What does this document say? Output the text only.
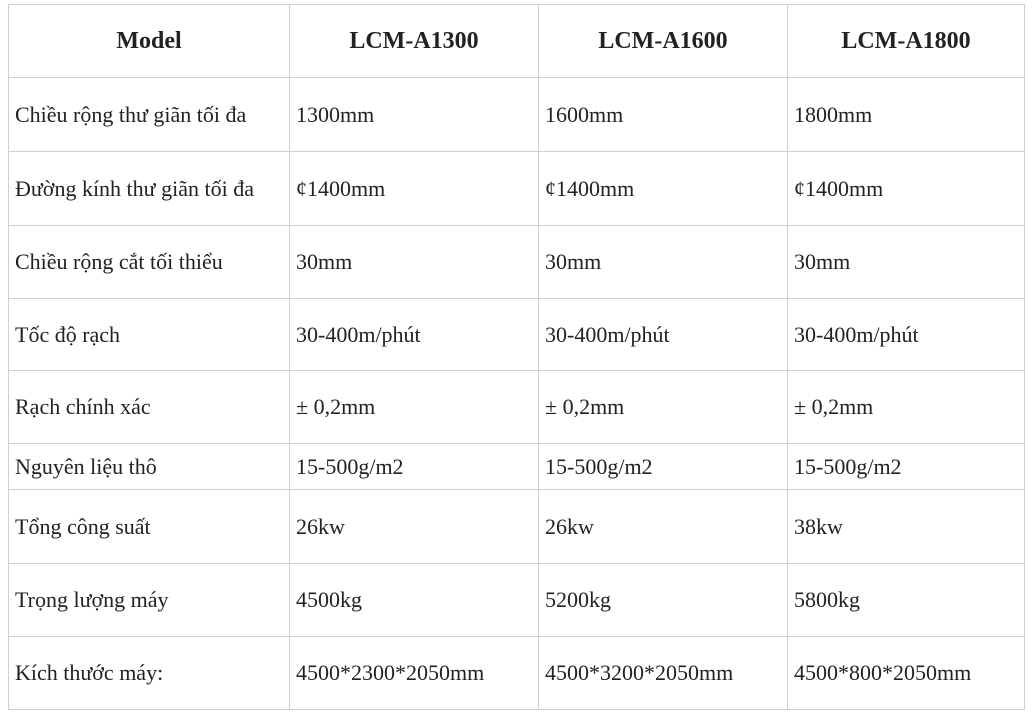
Model	LCM-A1300	LCM-A1600	LCM-A1800
Chiều rộng thư giãn tối đa	1300mm	1600mm	1800mm
Đường kính thư giãn tối đa	¢1400mm	¢1400mm	¢1400mm
Chiều rộng cắt tối thiểu	30mm	30mm	30mm
Tốc độ rạch	30-400m/phút	30-400m/phút	30-400m/phút
Rạch chính xác	± 0,2mm	± 0,2mm	± 0,2mm
Nguyên liệu thô	15-500g/m2	15-500g/m2	15-500g/m2
Tổng công suất	26kw	26kw	38kw
Trọng lượng máy	4500kg	5200kg	5800kg
Kích thước máy:	4500*2300*2050mm	4500*3200*2050mm	4500*800*2050mm
